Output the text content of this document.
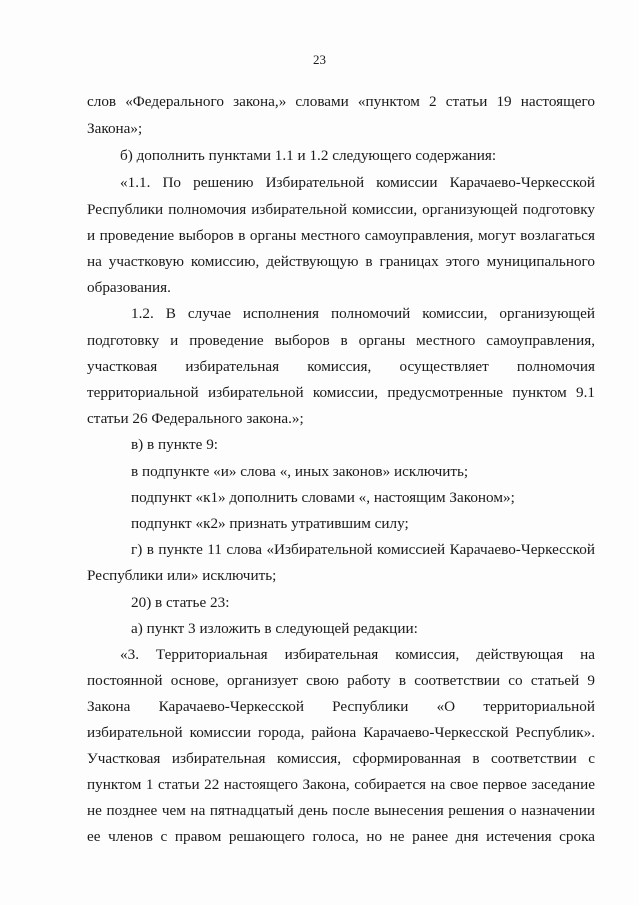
23
слов «Федерального закона,» словами «пунктом 2 статьи 19 настоящего
Закона»;
б) дополнить пунктами 1.1 и 1.2 следующего содержания:
«1.1. По решению Избирательной комиссии Карачаево-Черкесской
Республики полномочия избирательной комиссии, организующей подготовку
и проведение выборов в органы местного самоуправления, могут возлагаться
на участковую комиссию, действующую в границах этого муниципального
образования.
1.2. В случае исполнения полномочий комиссии, организующей
подготовку и проведение выборов в органы местного самоуправления,
участковая избирательная комиссия, осуществляет полномочия
территориальной избирательной комиссии, предусмотренные пунктом 9.1
статьи 26 Федерального закона.»;
в) в пункте 9:
в подпункте «и» слова «, иных законов» исключить;
подпункт «к1» дополнить словами «, настоящим Законом»;
подпункт «к2» признать утратившим силу;
г) в пункте 11 слова «Избирательной комиссией Карачаево-Черкесской
Республики или» исключить;
20) в статье 23:
а) пункт 3 изложить в следующей редакции:
«3. Территориальная избирательная комиссия, действующая на
постоянной основе, организует свою работу в соответствии со статьей 9
Закона Карачаево-Черкесской Республики «О территориальной
избирательной комиссии города, района Карачаево-Черкесской Республик».
Участковая избирательная комиссия, сформированная в соответствии с
пунктом 1 статьи 22 настоящего Закона, собирается на свое первое заседание
не позднее чем на пятнадцатый день после вынесения решения о назначении
ее членов с правом решающего голоса, но не ранее дня истечения срока
